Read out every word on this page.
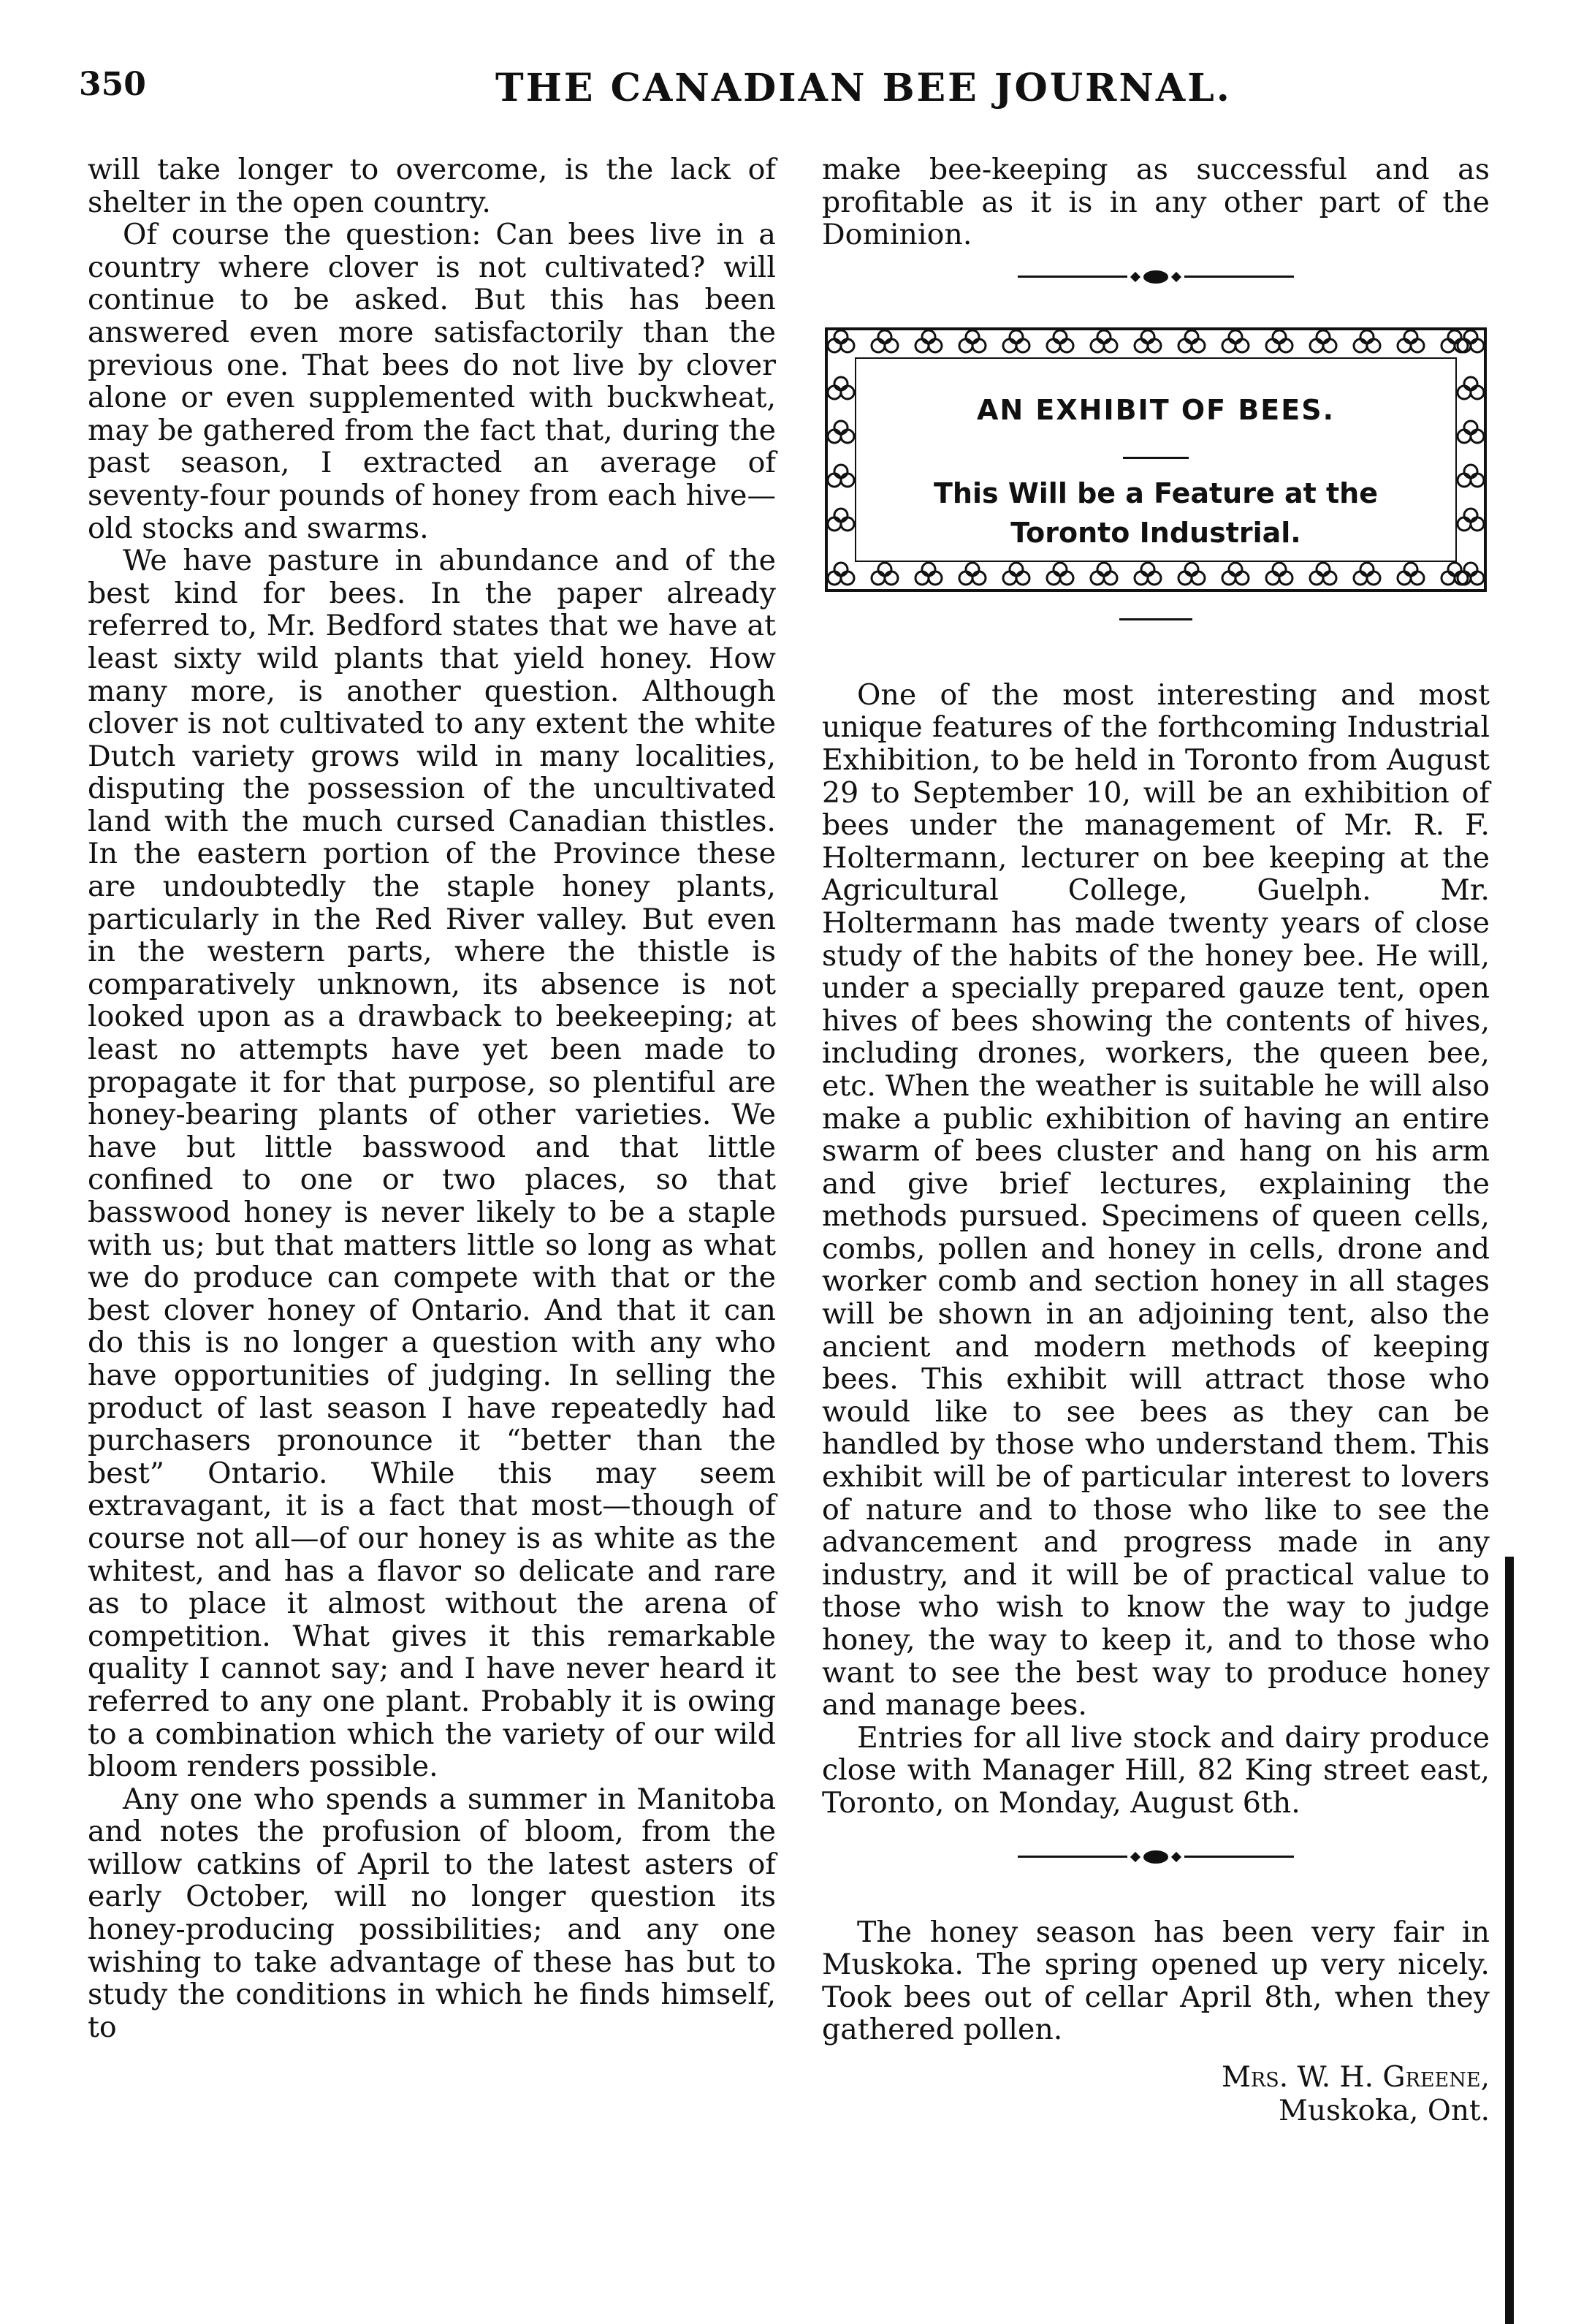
350	THE CANADIAN BEE JOURNAL.

will take longer to overcome, is the lack of shelter in the open country.

Of course the question: Can bees live in a country where clover is not cultivated? will continue to be asked. But this has been answered even more satisfactorily than the previous one. That bees do not live by clover alone or even supplemented with buckwheat, may be gathered from the fact that, during the past season, I extracted an average of seventy-four pounds of honey from each hive—old stocks and swarms.

We have pasture in abundance and of the best kind for bees. In the paper already referred to, Mr. Bedford states that we have at least sixty wild plants that yield honey. How many more, is another question. Although clover is not cultivated to any extent the white Dutch variety grows wild in many localities, disputing the possession of the uncultivated land with the much cursed Canadian thistles. In the eastern portion of the Province these are undoubtedly the staple honey plants, particularly in the Red River valley. But even in the western parts, where the thistle is comparatively unknown, its absence is not looked upon as a drawback to beekeeping; at least no attempts have yet been made to propagate it for that purpose, so plentiful are honey-bearing plants of other varieties. We have but little basswood and that little confined to one or two places, so that basswood honey is never likely to be a staple with us; but that matters little so long as what we do produce can compete with that or the best clover honey of Ontario. And that it can do this is no longer a question with any who have opportunities of judging. In selling the product of last season I have repeatedly had purchasers pronounce it “better than the best” Ontario. While this may seem extravagant, it is a fact that most—though of course not all—of our honey is as white as the whitest, and has a flavor so delicate and rare as to place it almost without the arena of competition. What gives it this remarkable quality I cannot say; and I have never heard it referred to any one plant. Probably it is owing to a combination which the variety of our wild bloom renders possible.

Any one who spends a summer in Manitoba and notes the profusion of bloom, from the willow catkins of April to the latest asters of early October, will no longer question its honey-producing possibilities; and any one wishing to take advantage of these has but to study the conditions in which he finds himself, to

make bee-keeping as successful and as profitable as it is in any other part of the Dominion.

AN EXHIBIT OF BEES.
This Will be a Feature at the
Toronto Industrial.

One of the most interesting and most unique features of the forthcoming Industrial Exhibition, to be held in Toronto from August 29 to September 10, will be an exhibition of bees under the management of Mr. R. F. Holtermann, lecturer on bee keeping at the Agricultural College, Guelph. Mr. Holtermann has made twenty years of close study of the habits of the honey bee. He will, under a specially prepared gauze tent, open hives of bees showing the contents of hives, including drones, workers, the queen bee, etc. When the weather is suitable he will also make a public exhibition of having an entire swarm of bees cluster and hang on his arm and give brief lectures, explaining the methods pursued. Specimens of queen cells, combs, pollen and honey in cells, drone and worker comb and section honey in all stages will be shown in an adjoining tent, also the ancient and modern methods of keeping bees. This exhibit will attract those who would like to see bees as they can be handled by those who understand them. This exhibit will be of particular interest to lovers of nature and to those who like to see the advancement and progress made in any industry, and it will be of practical value to those who wish to know the way to judge honey, the way to keep it, and to those who want to see the best way to produce honey and manage bees.

Entries for all live stock and dairy produce close with Manager Hill, 82 King street east, Toronto, on Monday, August 6th.

The honey season has been very fair in Muskoka. The spring opened up very nicely. Took bees out of cellar April 8th, when they gathered pollen.

Mrs. W. H. Greene,
Muskoka, Ont.
